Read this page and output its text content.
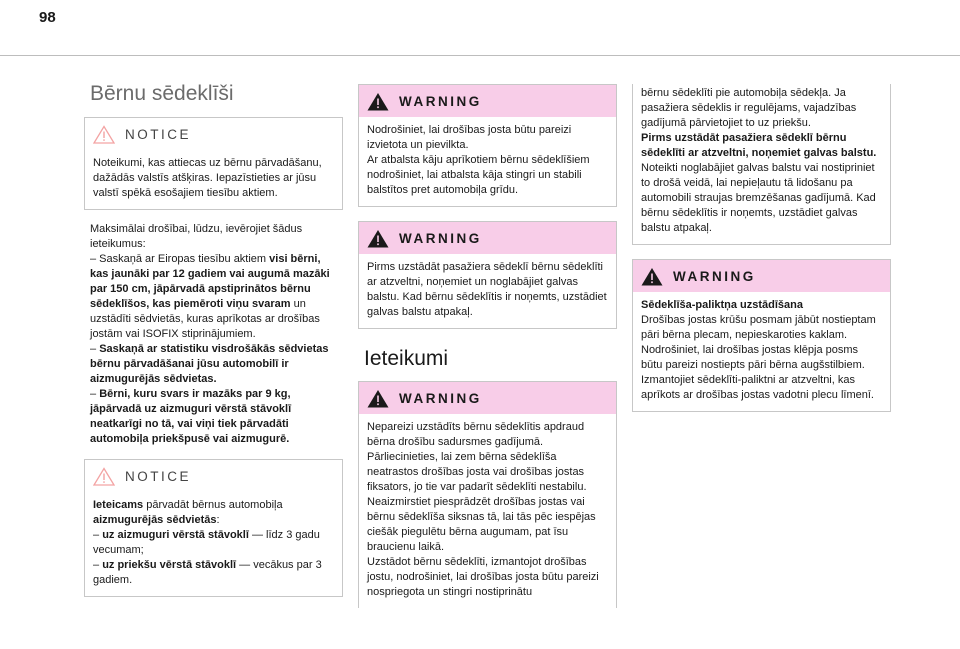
98
Bērnu sēdeklīši
NOTICE

Noteikumi, kas attiecas uz bērnu pārvadāšanu, dažādās valstīs atšķiras. Iepazīstieties ar jūsu valstī spēkā esošajiem tiesību aktiem.

Maksimālai drošībai, lūdzu, ievērojiet šādus ieteikumus:

– Saskaņā ar Eiropas tiesību aktiem visi bērni, kas jaunāki par 12 gadiem vai augumā mazāki par 150 cm, jāpārvadā apstiprinātos bērnu sēdeklīšos, kas piemēroti viņu svaram un uzstādīti sēdvietās, kuras aprīkotas ar drošības jostām vai ISOFIX stiprinājumiem.

– Saskaņā ar statistiku visdrošākās sēdvietas bērnu pārvadāšanai jūsu automobilī ir aizmugurējās sēdvietas.

– Bērni, kuru svars ir mazāks par 9 kg, jāpārvadā uz aizmuguri vērstā stāvoklī neatkarīgi no tā, vai viņi tiek pārvadāti automobiļa priekšpusē vai aizmugurē.

NOTICE

Ieteicams pārvadāt bērnus automobiļa aizmugurējās sēdvietās:

– uz aizmuguri vērstā stāvoklī — līdz 3 gadu vecumam;

– uz priekšu vērstā stāvoklī — vecākus par 3 gadiem.

WARNING

Nodrošiniet, lai drošības josta būtu pareizi izvietota un pievilkta.

Ar atbalsta kāju aprīkotiem bērnu sēdeklīšiem nodrošiniet, lai atbalsta kāja stingri un stabili balstītos pret automobiļa grīdu.

WARNING

Pirms uzstādāt pasažiera sēdeklī bērnu sēdeklīti ar atzveltni, noņemiet un noglabājiet galvas balstu. Kad bērnu sēdeklītis ir noņemts, uzstādiet galvas balstu atpakaļ.

Ieteikumi
WARNING

Nepareizi uzstādīts bērnu sēdeklītis apdraud bērna drošību sadursmes gadījumā.

Pārliecinieties, lai zem bērna sēdeklīša neatrastos drošības josta vai drošības jostas fiksators, jo tie var padarīt sēdeklīti nestabilu.

Neaizmirstiet piesprādzēt drošības jostas vai bērnu sēdeklīša siksnas tā, lai tās pēc iespējas ciešāk piegulētu bērna augumam, pat īsu braucienu laikā.

Uzstādot bērnu sēdeklīti, izmantojot drošības jostu, nodrošiniet, lai drošības josta būtu pareizi nospriegota un stingri nostiprinātu

bērnu sēdeklīti pie automobiļa sēdekļa. Ja pasažiera sēdeklis ir regulējams, vajadzības gadījumā pārvietojiet to uz priekšu.

Pirms uzstādāt pasažiera sēdeklī bērnu sēdeklīti ar atzveltni, noņemiet galvas balstu.

Noteikti noglabājiet galvas balstu vai nostipriniet to drošā veidā, lai nepieļautu tā lidošanu pa automobili straujas bremzēšanas gadījumā. Kad bērnu sēdeklītis ir noņemts, uzstādiet galvas balstu atpakaļ.

WARNING

Sēdeklīša-paliktņa uzstādīšana

Drošības jostas krūšu posmam jābūt nostieptam pāri bērna plecam, nepieskaroties kaklam.

Nodrošiniet, lai drošības jostas klēpja posms būtu pareizi nostiepts pāri bērna augšstilbiem.

Izmantojiet sēdeklīti-paliktni ar atzveltni, kas aprīkots ar drošības jostas vadotni plecu līmenī.
